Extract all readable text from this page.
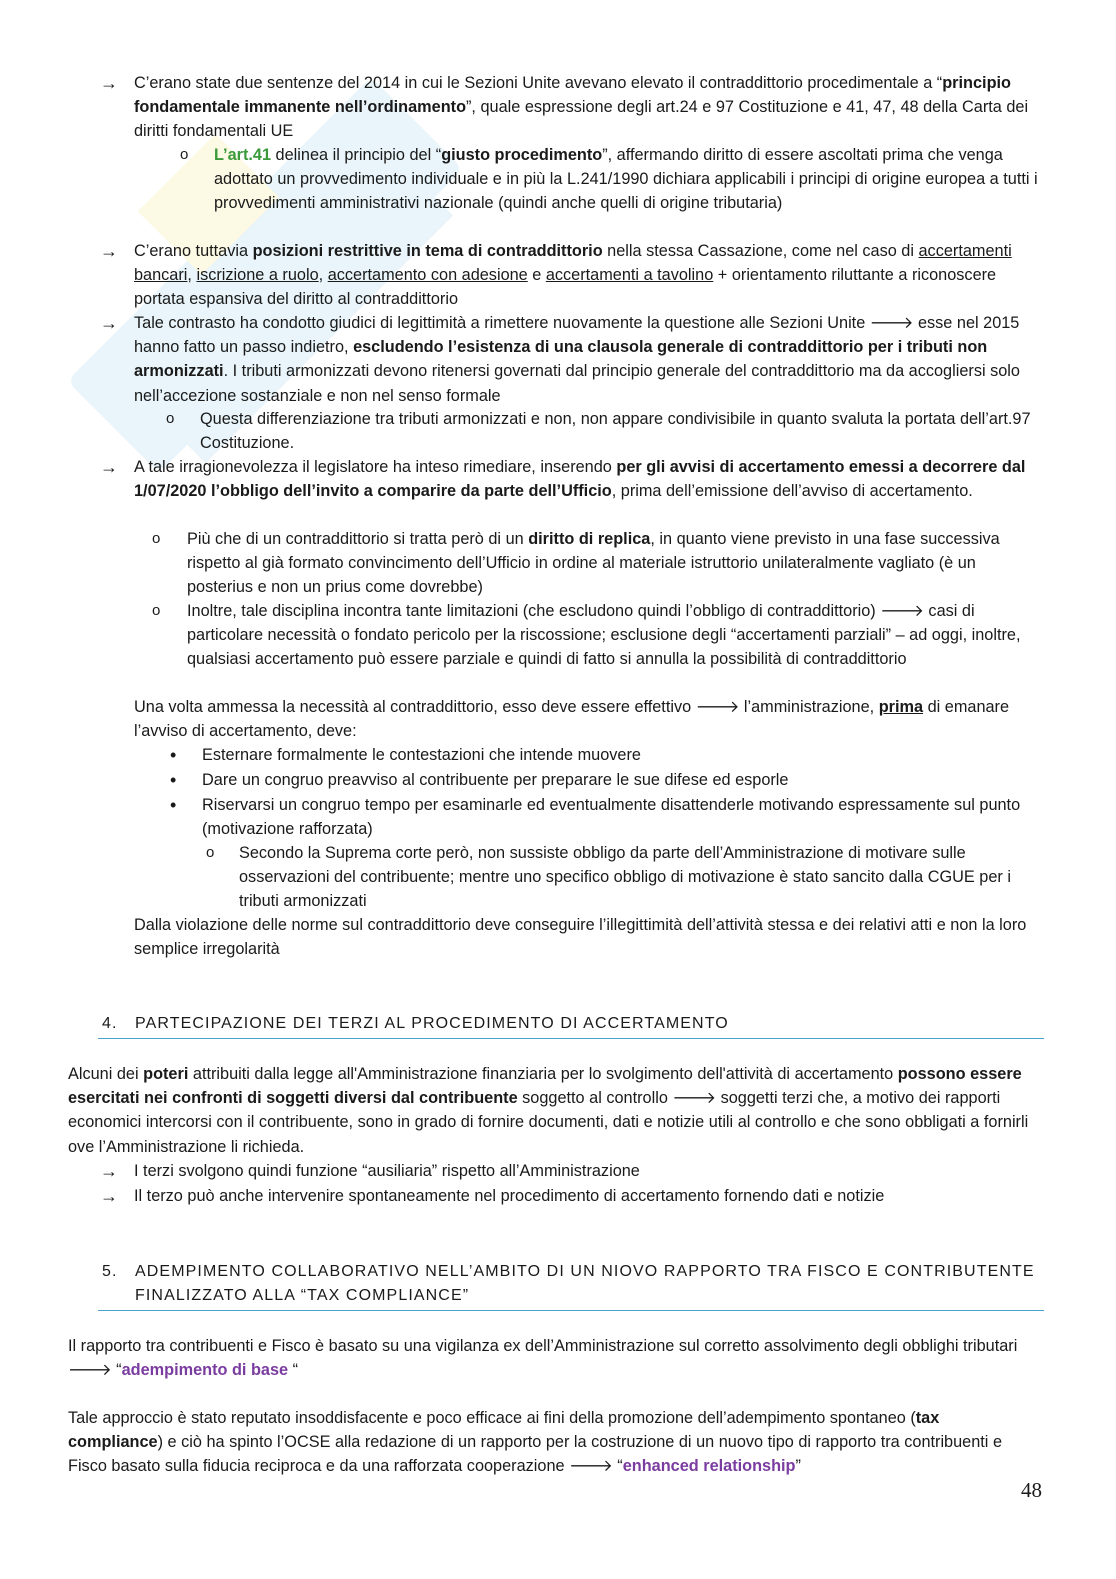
→ C’erano state due sentenze del 2014 in cui le Sezioni Unite avevano elevato il contraddittorio procedimentale a “principio fondamentale immanente nell’ordinamento”, quale espressione degli art.24 e 97 Costituzione e 41, 47, 48 della Carta dei diritti fondamentali UE
o	L’art.41 delinea il principio del “giusto procedimento”, affermando diritto di essere ascoltati prima che venga adottato un provvedimento individuale e in più la L.241/1990 dichiara applicabili i principi di origine europea a tutti i provvedimenti amministrativi nazionale (quindi anche quelli di origine tributaria)
→ C’erano tuttavia posizioni restrittive in tema di contraddittorio nella stessa Cassazione, come nel caso di accertamenti bancari, iscrizione a ruolo, accertamento con adesione e accertamenti a tavolino + orientamento riluttante a riconoscere portata espansiva del diritto al contraddittorio
→ Tale contrasto ha condotto giudici di legittimità a rimettere nuovamente la questione alle Sezioni Unite 🡒 esse nel 2015 hanno fatto un passo indietro, escludendo l’esistenza di una clausola generale di contraddittorio per i tributi non armonizzati. I tributi armonizzati devono ritenersi governati dal principio generale del contraddittorio ma da accogliersi solo nell’accezione sostanziale e non nel senso formale
o	Questa differenziazione tra tributi armonizzati e non, non appare condivisibile in quanto svaluta la portata dell’art.97 Costituzione.
→ A tale irragionevolezza il legislatore ha inteso rimediare, inserendo per gli avvisi di accertamento emessi a decorrere dal 1/07/2020 l’obbligo dell’invito a comparire da parte dell’Ufficio, prima dell’emissione dell’avviso di accertamento.
o	Più che di un contraddittorio si tratta però di un diritto di replica, in quanto viene previsto in una fase successiva rispetto al già formato convincimento dell’Ufficio in ordine al materiale istruttorio unilateralmente vagliato (è un posterius e non un prius come dovrebbe)
o	Inoltre, tale disciplina incontra tante limitazioni (che escludono quindi l’obbligo di contraddittorio) 🡒 casi di particolare necessità o fondato pericolo per la riscossione; esclusione degli “accertamenti parziali” – ad oggi, inoltre, qualsiasi accertamento può essere parziale e quindi di fatto si annulla la possibilità di contraddittorio
Una volta ammessa la necessità al contraddittorio, esso deve essere effettivo 🡒 l’amministrazione, prima di emanare l’avviso di accertamento, deve:
•	Esternare formalmente le contestazioni che intende muovere
•	Dare un congruo preavviso al contribuente per preparare le sue difese ed esporle
•	Riservarsi un congruo tempo per esaminarle ed eventualmente disattenderle motivando espressamente sul punto (motivazione rafforzata)
o	Secondo la Suprema corte però, non sussiste obbligo da parte dell’Amministrazione di motivare sulle osservazioni del contribuente; mentre uno specifico obbligo di motivazione è stato sancito dalla CGUE per i tributi armonizzati
Dalla violazione delle norme sul contraddittorio deve conseguire l’illegittimità dell’attività stessa e dei relativi atti e non la loro semplice irregolarità
4. PARTECIPAZIONE DEI TERZI AL PROCEDIMENTO DI ACCERTAMENTO
Alcuni dei poteri attribuiti dalla legge all'Amministrazione finanziaria per lo svolgimento dell'attività di accertamento possono essere esercitati nei confronti di soggetti diversi dal contribuente soggetto al controllo 🡒 soggetti terzi che, a motivo dei rapporti economici intercorsi con il contribuente, sono in grado di fornire documenti, dati e notizie utili al controllo e che sono obbligati a fornirli ove l’Amministrazione li richieda.
→ I terzi svolgono quindi funzione “ausiliaria” rispetto all’Amministrazione
→ Il terzo può anche intervenire spontaneamente nel procedimento di accertamento fornendo dati e notizie
5. ADEMPIMENTO COLLABORATIVO NELL’AMBITO DI UN NIOVO RAPPORTO TRA FISCO E CONTRIBUTENTE FINALIZZATO ALLA “TAX COMPLIANCE”
Il rapporto tra contribuenti e Fisco è basato su una vigilanza ex dell’Amministrazione sul corretto assolvimento degli obblighi tributari 🡒 “adempimento di base “
Tale approccio è stato reputato insoddisfacente e poco efficace ai fini della promozione dell’adempimento spontaneo (tax compliance) e ciò ha spinto l’OCSE alla redazione di un rapporto per la costruzione di un nuovo tipo di rapporto tra contribuenti e Fisco basato sulla fiducia reciproca e da una rafforzata cooperazione 🡒 “enhanced relationship”
48
